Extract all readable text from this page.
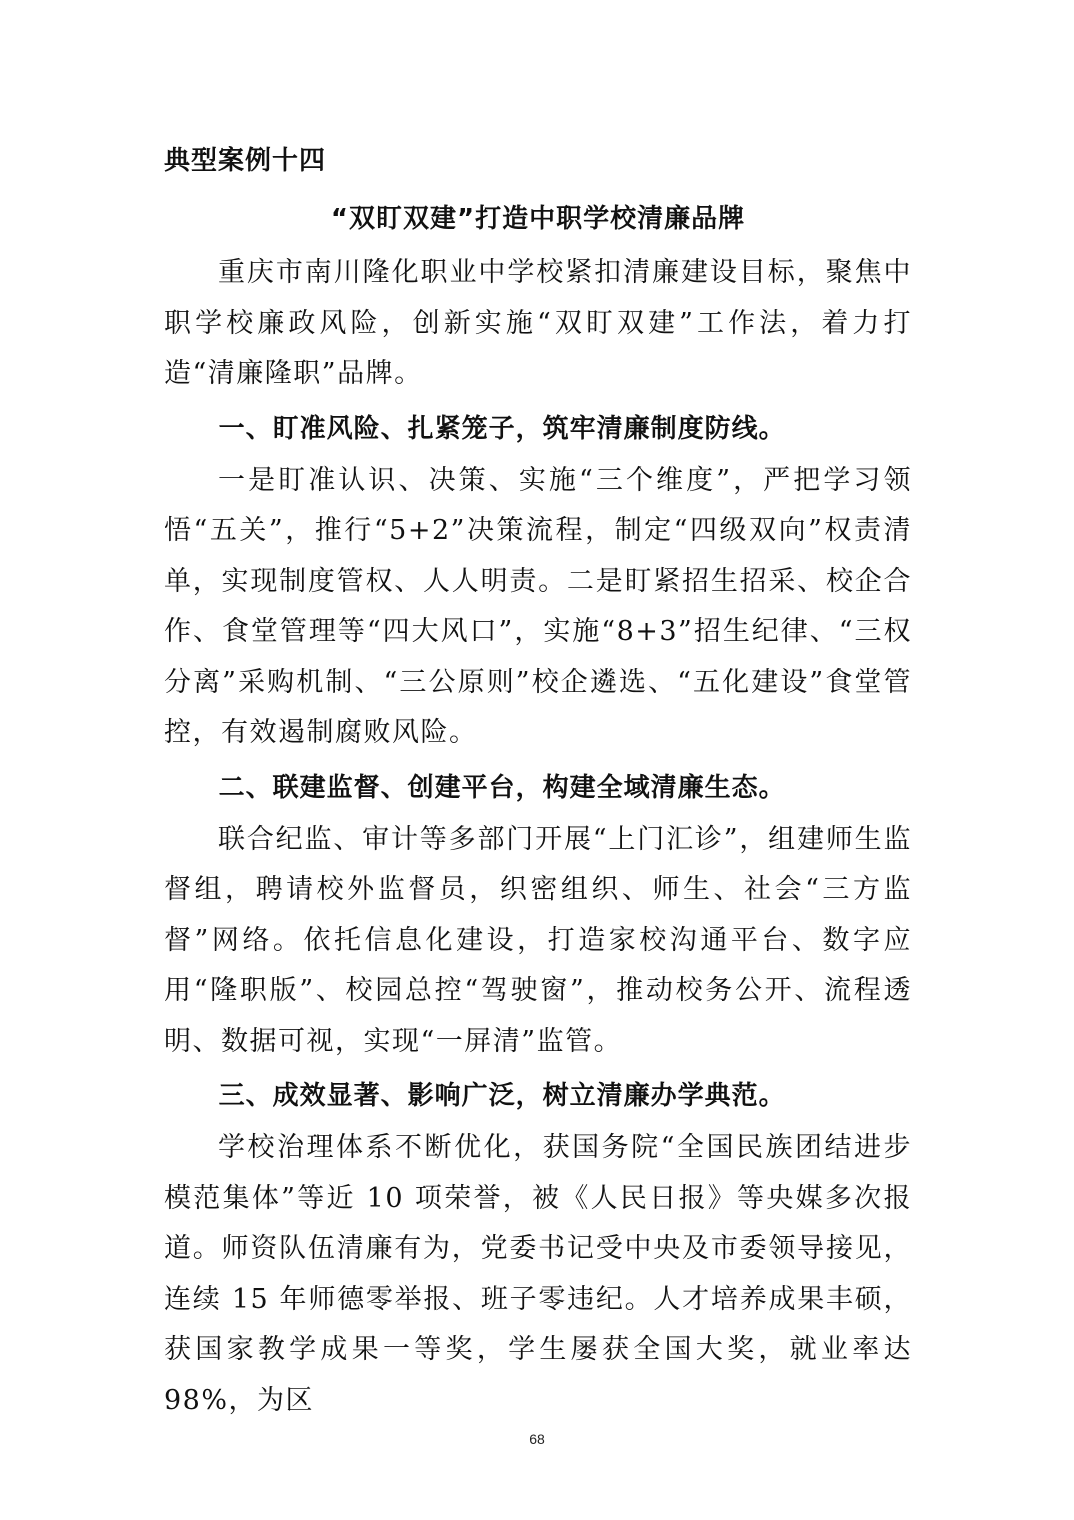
典型案例十四

“双盯双建”打造中职学校清廉品牌

重庆市南川隆化职业中学校紧扣清廉建设目标，聚焦中职学校廉政风险，创新实施“双盯双建”工作法，着力打造“清廉隆职”品牌。

一、盯准风险、扎紧笼子，筑牢清廉制度防线。

一是盯准认识、决策、实施“三个维度”，严把学习领悟“五关”，推行“5+2”决策流程，制定“四级双向”权责清单，实现制度管权、人人明责。二是盯紧招生招采、校企合作、食堂管理等“四大风口”，实施“8+3”招生纪律、“三权分离”采购机制、“三公原则”校企遴选、“五化建设”食堂管控，有效遏制腐败风险。

二、联建监督、创建平台，构建全域清廉生态。

联合纪监、审计等多部门开展“上门汇诊”，组建师生监督组，聘请校外监督员，织密组织、师生、社会“三方监督”网络。依托信息化建设，打造家校沟通平台、数字应用“隆职版”、校园总控“驾驶窗”，推动校务公开、流程透明、数据可视，实现“一屏清”监管。

三、成效显著、影响广泛，树立清廉办学典范。

学校治理体系不断优化，获国务院“全国民族团结进步模范集体”等近 10 项荣誉，被《人民日报》等央媒多次报道。师资队伍清廉有为，党委书记受中央及市委领导接见，连续 15 年师德零举报、班子零违纪。人才培养成果丰硕，获国家教学成果一等奖，学生屡获全国大奖，就业率达 98%，为区

68
